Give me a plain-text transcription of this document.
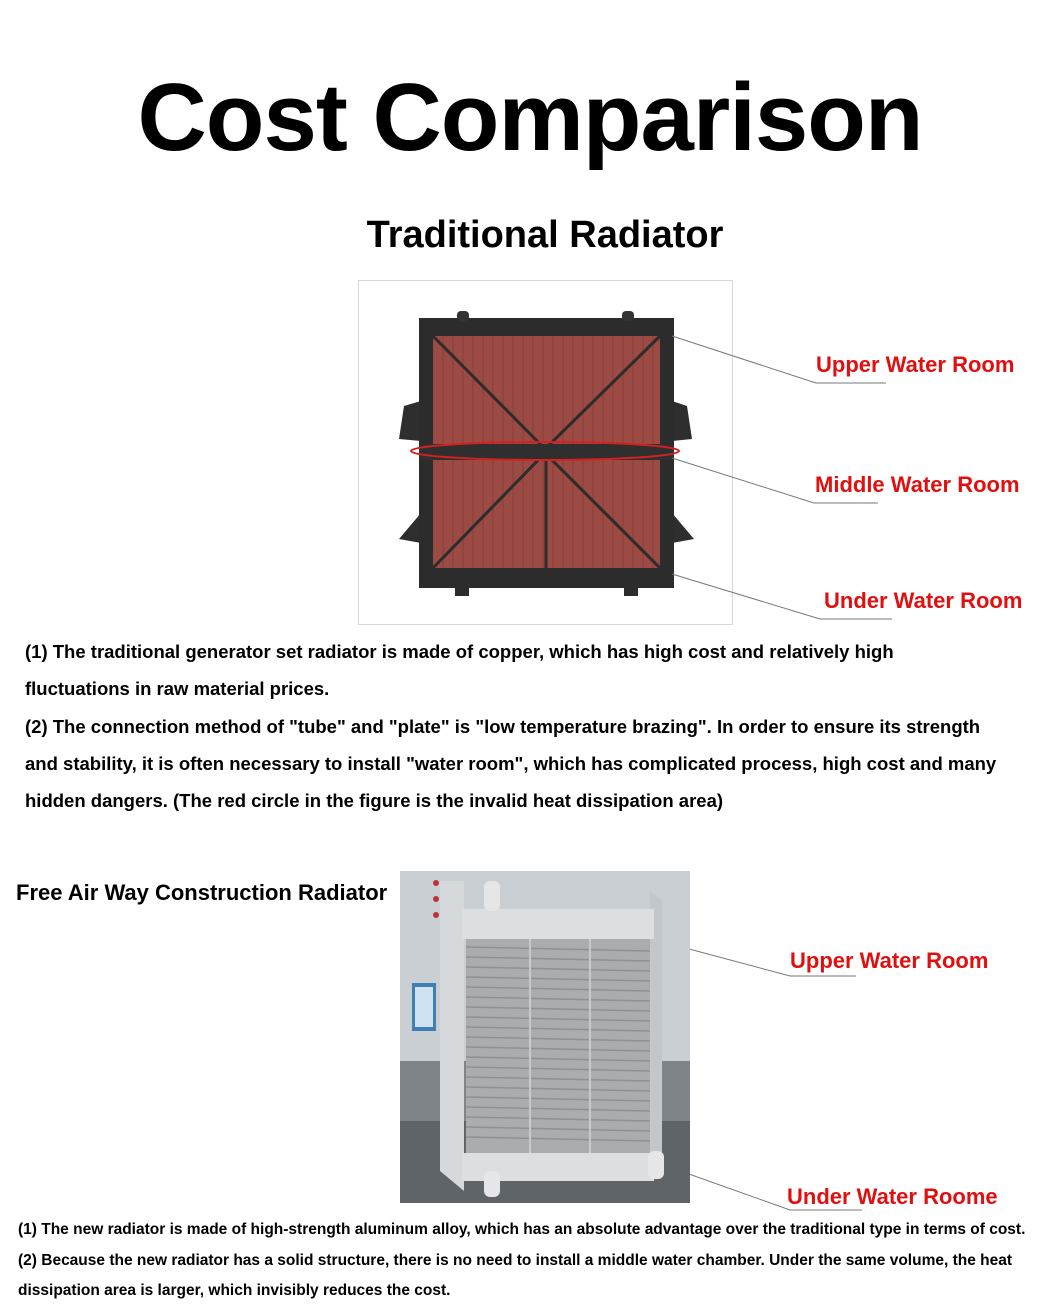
Cost Comparison
Traditional Radiator
Upper Water Room
Middle Water Room
Under Water Room
(1) The traditional generator set radiator is made of copper, which has high cost and relatively high
fluctuations in raw material prices.
(2) The connection method of "tube" and "plate" is "low temperature brazing". In order to ensure its strength
and stability, it is often necessary to install "water room", which has complicated process, high cost and many
hidden dangers. (The red circle in the figure is the invalid heat dissipation area)
Free Air Way Construction Radiator
Upper Water Room
Under Water Roome
(1) The new radiator is made of high-strength aluminum alloy, which has an absolute advantage over the traditional type in terms of cost.
(2) Because the new radiator has a solid structure, there is no need to install a middle water chamber. Under the same volume, the heat
dissipation area is larger, which invisibly reduces the cost.
